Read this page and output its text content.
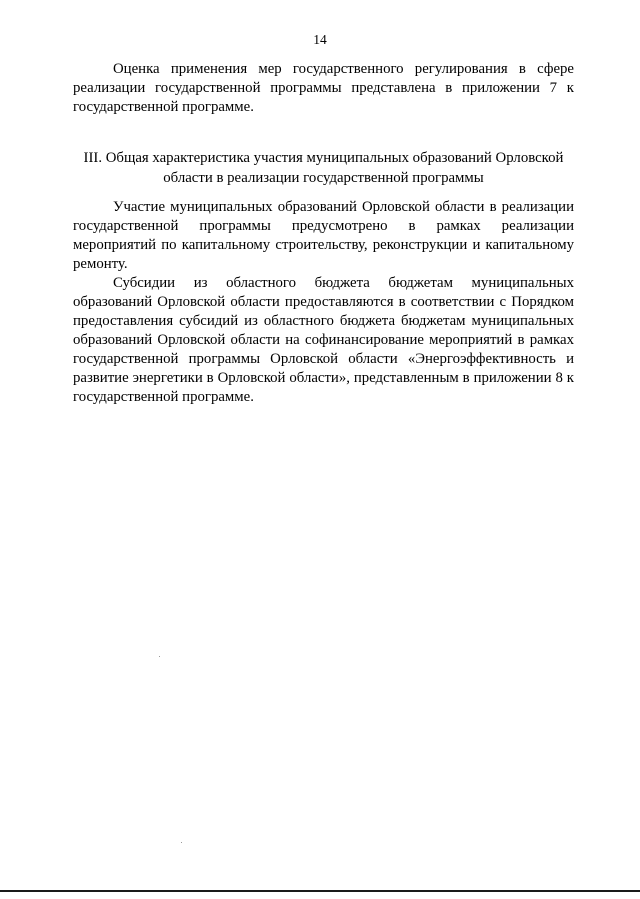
14

Оценка применения мер государственного регулирования в сфере реализации государственной программы представлена в приложении 7 к государственной программе.

III. Общая характеристика участия муниципальных образований Орловской
области в реализации государственной программы

Участие муниципальных образований Орловской области в реализации государственной программы предусмотрено в рамках реализации мероприятий по капитальному строительству, реконструкции и капитальному ремонту.

Субсидии из областного бюджета бюджетам муниципальных образований Орловской области предоставляются в соответствии с Порядком предоставления субсидий из областного бюджета бюджетам муниципальных образований Орловской области на софинансирование мероприятий в рамках государственной программы Орловской области «Энергоэффективность и развитие энергетики в Орловской области», представленным в приложении 8 к государственной программе.
